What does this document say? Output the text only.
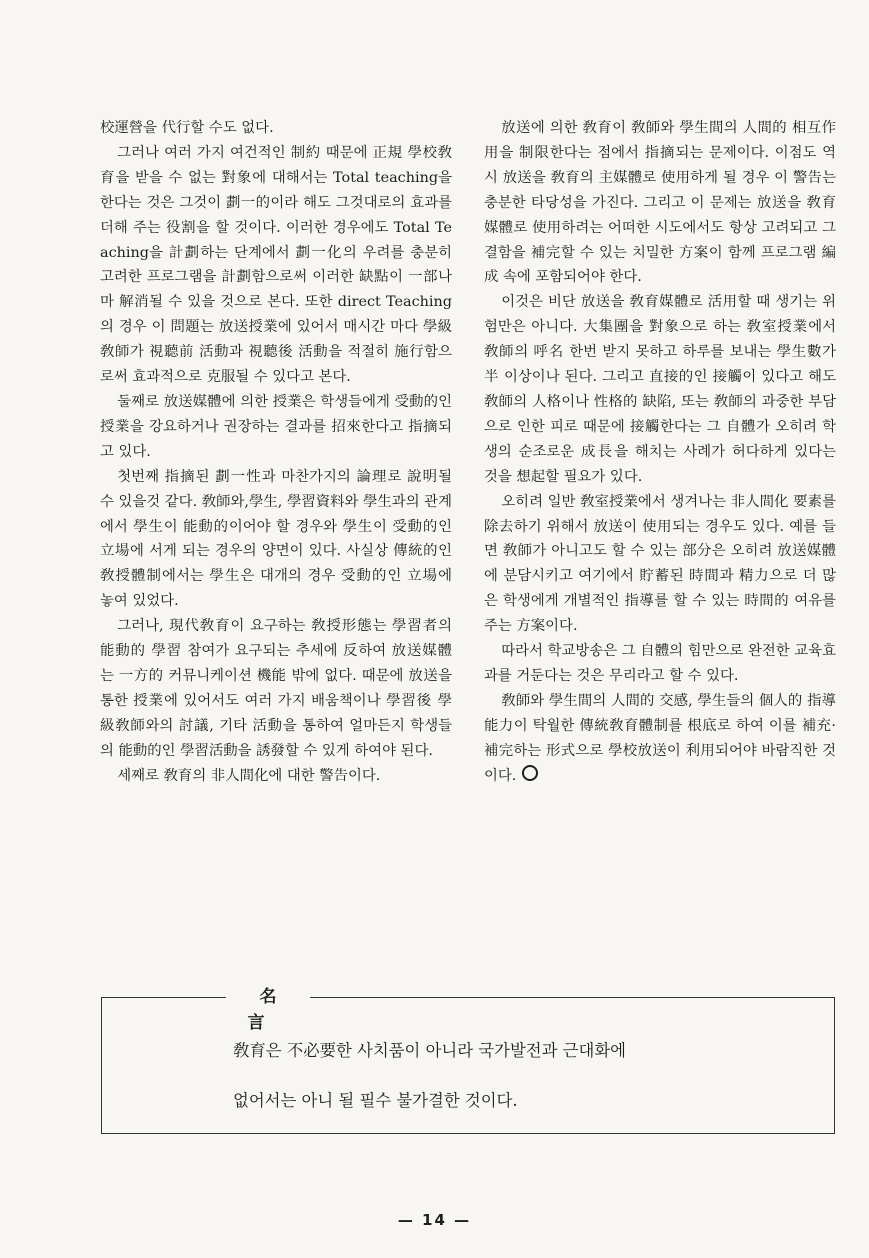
校運營을 代行할 수도 없다.

그러나 여러 가지 여건적인 制約 때문에 正規 學校敎育을 받을 수 없는 對象에 대해서는 Total teaching을 한다는 것은 그것이 劃一的이라 해도 그것대로의 효과를 더해 주는 役割을 할 것이다. 이러한 경우에도 Total Teaching을 計劃하는 단계에서 劃一化의 우려를 충분히 고려한 프로그램을 計劃함으로써 이러한 缺點이 一部나마 解消될 수 있을 것으로 본다. 또한 direct Teaching의 경우 이 問題는 放送授業에 있어서 매시간 마다 學級敎師가 視聽前 活動과 視聽後 活動을 적절히 施行함으로써 효과적으로 克服될 수 있다고 본다.

둘째로 放送媒體에 의한 授業은 학생들에게 受動的인 授業을 강요하거나 권장하는 결과를 招來한다고 指摘되고 있다.

첫번째 指摘된 劃一性과 마찬가지의 論理로 說明될 수 있을것 같다. 敎師와,學生, 學習資料와 學生과의 관계에서 學生이 能動的이어야 할 경우와 學生이 受動的인 立場에 서게 되는 경우의 양면이 있다. 사실상 傳統的인 敎授體制에서는 學生은 대개의 경우 受動的인 立場에 놓여 있었다.

그러나, 現代敎育이 요구하는 敎授形態는 學習者의 能動的 學習 참여가 요구되는 추세에 反하여 放送媒體는 一方的 커뮤니케이션 機能 밖에 없다. 때문에 放送을 통한 授業에 있어서도 여러 가지 배움책이나 學習後 學級敎師와의 討議, 기타 活動을 통하여 얼마든지 학생들의 能動的인 學習活動을 誘發할 수 있게 하여야 된다.

세째로 敎育의 非人間化에 대한 警告이다.

放送에 의한 敎育이 敎師와 學生間의 人間的 相互作用을 制限한다는 점에서 指摘되는 문제이다. 이점도 역시 放送을 敎育의 主媒體로 使用하게 될 경우 이 警告는 충분한 타당성을 가진다. 그리고 이 문제는 放送을 敎育媒體로 使用하려는 어떠한 시도에서도 항상 고려되고 그 결함을 補完할 수 있는 치밀한 方案이 함께 프로그램 編成 속에 포함되어야 한다.

이것은 비단 放送을 敎育媒體로 活用할 때 생기는 위험만은 아니다. 大集團을 對象으로 하는 敎室授業에서 敎師의 呼名 한번 받지 못하고 하루를 보내는 學生數가 半 이상이나 된다. 그리고 直接的인 接觸이 있다고 해도 敎師의 人格이나 性格的 缺陷, 또는 敎師의 과중한 부담으로 인한 피로 때문에 接觸한다는 그 自體가 오히려 학생의 순조로운 成長을 해치는 사례가 허다하게 있다는 것을 想起할 필요가 있다.

오히려 일반 敎室授業에서 생겨나는 非人間化 要素를 除去하기 위해서 放送이 使用되는 경우도 있다. 예를 들면 敎師가 아니고도 할 수 있는 部分은 오히려 放送媒體에 분담시키고 여기에서 貯蓄된 時間과 精力으로 더 많은 학생에게 개별적인 指導를 할 수 있는 時間的 여유를 주는 方案이다.

따라서 학교방송은 그 自體의 힘만으로 완전한 교육효과를 거둔다는 것은 무리라고 할 수 있다.

敎師와 學生間의 人間的 交感, 學生들의 個人的 指導能力이 탁월한 傳統敎育體制를 根底로 하여 이를 補充·補完하는 形式으로 學校放送이 利用되어야 바람직한 것이다.

名言
敎育은 不必要한 사치품이 아니라 국가발전과 근대화에
없어서는 아니 될 필수 불가결한 것이다.
— 14 —
